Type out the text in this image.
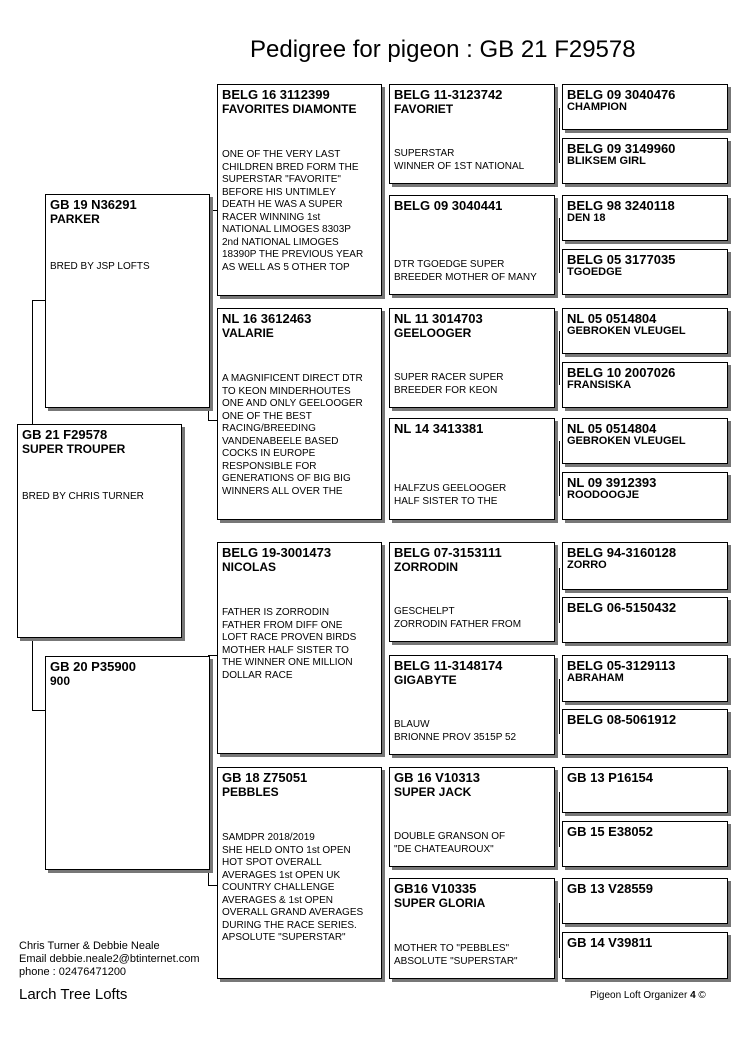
Pedigree for pigeon : GB 21 F29578
GB 21 F29578
SUPER TROUPER
BRED BY CHRIS TURNER
GB 19 N36291
PARKER
BRED BY JSP LOFTS
GB 20 P35900
900
BELG 16 3112399
FAVORITES DIAMONTE
ONE OF THE VERY LAST
CHILDREN BRED FORM THE
SUPERSTAR "FAVORITE"
BEFORE HIS UNTIMLEY
DEATH HE WAS A SUPER
RACER WINNING 1st
NATIONAL LIMOGES 8303P
2nd NATIONAL LIMOGES
18390P THE PREVIOUS YEAR
AS WELL AS 5 OTHER TOP
NL 16 3612463
VALARIE
A MAGNIFICENT DIRECT DTR
TO KEON MINDERHOUTES
ONE AND ONLY GEELOOGER
ONE OF THE BEST
RACING/BREEDING
VANDENABEELE BASED
COCKS IN EUROPE
RESPONSIBLE FOR
GENERATIONS OF BIG BIG
WINNERS ALL OVER THE
BELG 19-3001473
NICOLAS
FATHER IS ZORRODIN
FATHER FROM DIFF ONE
LOFT RACE PROVEN BIRDS
MOTHER HALF SISTER TO
THE WINNER ONE MILLION
DOLLAR RACE
GB 18 Z75051
PEBBLES
SAMDPR 2018/2019
SHE HELD ONTO 1st OPEN
HOT SPOT OVERALL
AVERAGES 1st OPEN UK
COUNTRY CHALLENGE
AVERAGES & 1st OPEN
OVERALL GRAND AVERAGES
DURING THE RACE SERIES.
APSOLUTE "SUPERSTAR"
BELG 11-3123742
FAVORIET
SUPERSTAR
WINNER OF 1ST NATIONAL
BELG 09 3040441
DTR TGOEDGE SUPER
BREEDER MOTHER OF MANY
NL 11 3014703
GEELOOGER
SUPER RACER SUPER
BREEDER FOR KEON
NL 14 3413381
HALFZUS GEELOOGER
HALF SISTER TO THE
BELG 07-3153111
ZORRODIN
GESCHELPT
ZORRODIN FATHER FROM
BELG 11-3148174
GIGABYTE
BLAUW
BRIONNE PROV 3515P 52
GB 16 V10313
SUPER JACK
DOUBLE GRANSON OF
"DE CHATEAUROUX"
GB16 V10335
SUPER GLORIA
MOTHER TO "PEBBLES"
ABSOLUTE "SUPERSTAR"
BELG 09 3040476
CHAMPION
BELG 09 3149960
BLIKSEM GIRL
BELG 98 3240118
DEN 18
BELG 05 3177035
TGOEDGE
NL 05 0514804
GEBROKEN VLEUGEL
BELG 10 2007026
FRANSISKA
NL 05 0514804
GEBROKEN VLEUGEL
NL 09 3912393
ROODOOGJE
BELG 94-3160128
ZORRO
BELG 06-5150432
BELG 05-3129113
ABRAHAM
BELG 08-5061912
GB 13 P16154
GB 15 E38052
GB 13 V28559
GB 14 V39811
Chris Turner & Debbie Neale
Email debbie.neale2@btinternet.com
phone : 02476471200
Larch Tree Lofts	Pigeon Loft Organizer 4 ©
